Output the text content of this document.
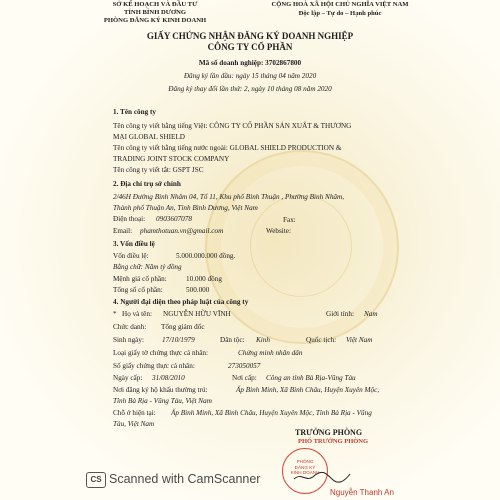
SỞ KẾ HOẠCH VÀ ĐẦU TƯ
TỈNH BÌNH DƯƠNG
PHÒNG ĐĂNG KÝ KINH DOANH
CỘNG HOÀ XÃ HỘI CHỦ NGHĨA VIỆT NAM
Độc lập – Tự do – Hạnh phúc
GIẤY CHỨNG NHẬN ĐĂNG KÝ DOANH NGHIỆP
CÔNG TY CỔ PHẦN
Mã số doanh nghiệp: 3702867800
Đăng ký lần đầu: ngày 15 tháng 04 năm 2020
Đăng ký thay đổi lần thứ: 2, ngày 10 tháng 08 năm 2020
1. Tên công ty
Tên công ty viết bằng tiếng Việt: CÔNG TY CỔ PHẦN SẢN XUẤT & THƯƠNG
MẠI GLOBAL SHIELD
Tên công ty viết bằng tiếng nước ngoài: GLOBAL SHIELD PRODUCTION &
TRADING JOINT STOCK COMPANY
Tên công ty viết tắt: GSPT JSC
2. Địa chỉ trụ sở chính
2/46H Đường Bình Nhâm 04, Tổ 11, Khu phố Bình Thuận , Phường Bình Nhâm,
Thành phố Thuận An, Tỉnh Bình Dương, Việt Nam
Điện thoại: 0903607078	Fax:
Email: phamthotuan.vn@gmail.com	Website:
3. Vốn điều lệ
Vốn điều lệ:	5.000.000.000 đồng.
Bằng chữ: Năm tỷ đồng
Mệnh giá cổ phần:	10.000 đồng
Tổng số cổ phần:	500.000
4. Người đại diện theo pháp luật của công ty
* Họ và tên: NGUYỄN HỮU VĨNH	Giới tính: Nam
Chức danh: Tổng giám đốc
Sinh ngày:	17/10/1979	Dân tộc: Kinh	Quốc tịch: Việt Nam
Loại giấy tờ chứng thực cá nhân:	Chứng minh nhân dân
Số giấy chứng thực cá nhân:	273050057
Ngày cấp: 31/08/2010	Nơi cấp: Công an tỉnh Bà Rịa-Vũng Tàu
Nơi đăng ký hộ khẩu thường trú:	Ấp Bình Minh, Xã Bình Châu, Huyện Xuyên Mộc,
Tỉnh Bà Rịa - Vũng Tàu, Việt Nam
Chỗ ở hiện tại: Ấp Bình Minh, Xã Bình Châu, Huyện Xuyên Mộc, Tỉnh Bà Rịa - Vũng
Tàu, Việt Nam
TRƯỞNG PHÒNG
PHÓ TRƯỞNG PHÒNG
PHÒNG
ĐĂNG KÝ
KINH DOANH
Nguyễn Thanh An
CS Scanned with CamScanner
